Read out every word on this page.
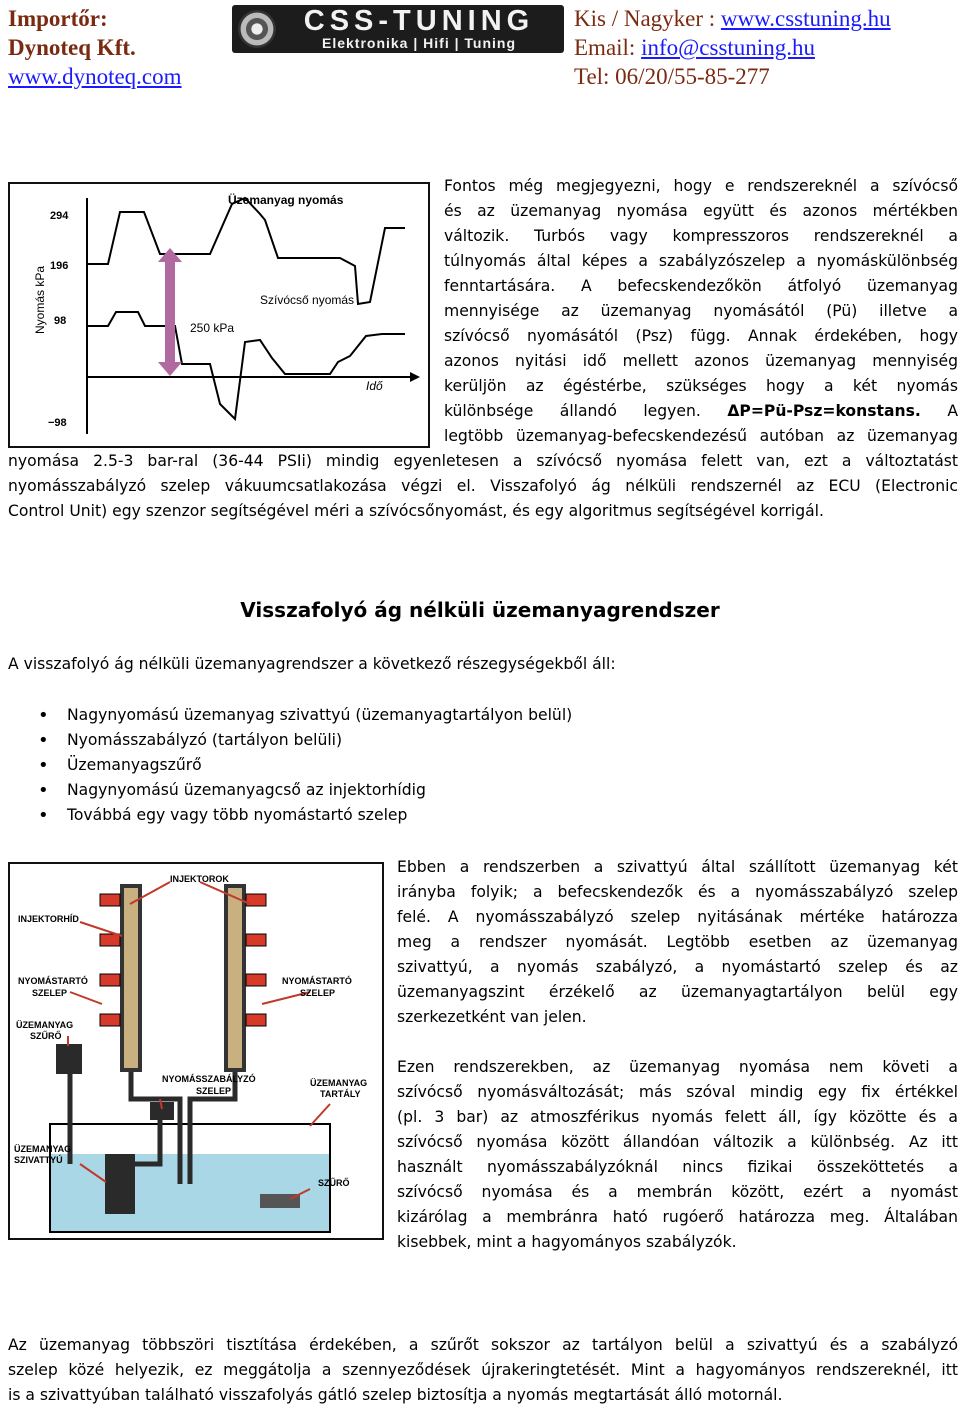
Importőr:
Dynoteq Kft.
www.dynoteq.com
CSS-TUNING
Elektronika | Hifi | Tuning
Kis / Nagyker : www.csstuning.hu
Email: info@csstuning.hu
Tel: 06/20/55-85-277
Üzemanyag nyomás
294
196
98
−98
Nyomás kPa	Szívócső nyomás
250 kPa
Idő
Fontos még megjegyezni, hogy e rendszereknél a szívócső
és az üzemanyag nyomása együtt és azonos mértékben
változik. Turbós vagy kompresszoros rendszereknél a
túlnyomás által képes a szabályzószelep a nyomáskülönbség
fenntartására. A befecskendezőkön átfolyó üzemanyag
mennyisége az üzemanyag nyomásától (Pü) illetve a
szívócső nyomásától (Psz) függ. Annak érdekében, hogy
azonos nyitási idő mellett azonos üzemanyag mennyiség
kerüljön az égéstérbe, szükséges hogy a két nyomás
különbsége állandó legyen. ΔP=Pü-Psz=konstans. A
legtöbb üzemanyag-befecskendezésű autóban az üzemanyag
nyomása 2.5-3 bar-ral (36-44 PSIi) mindig egyenletesen a szívócső nyomása felett van, ezt a változtatást
nyomásszabályzó szelep vákuumcsatlakozása végzi el. Visszafolyó ág nélküli rendszernél az ECU (Electronic
Control Unit) egy szenzor segítségével méri a szívócsőnyomást, és egy algoritmus segítségével korrigál.
Visszafolyó ág nélküli üzemanyagrendszer
A visszafolyó ág nélküli üzemanyagrendszer a következő részegységekből áll:
• Nagynyomású üzemanyag szivattyú (üzemanyagtartályon belül)
• Nyomásszabályzó (tartályon belüli)
• Üzemanyagszűrő
• Nagynyomású üzemanyagcső az injektorhídig
• Továbbá egy vagy több nyomástartó szelep
INJEKTOROK
INJEKTORHÍD
NYOMÁSTARTÓ
SZELEP
NYOMÁSTARTÓ
SZELEP
ÜZEMANYAG
SZŰRŐ
NYOMÁSSZABÁLYZÓ
SZELEP
ÜZEMANYAG
TARTÁLY
ÜZEMANYAG
SZIVATTYÚ
SZŰRŐ
Ebben a rendszerben a szivattyú által szállított üzemanyag két
irányba folyik; a befecskendezők és a nyomásszabályzó szelep
felé. A nyomásszabályzó szelep nyitásának mértéke határozza
meg a rendszer nyomását. Legtöbb esetben az üzemanyag
szivattyú, a nyomás szabályzó, a nyomástartó szelep és az
üzemanyagszint érzékelő az üzemanyagtartályon belül egy
szerkezetként van jelen.
Ezen rendszerekben, az üzemanyag nyomása nem követi a
szívócső nyomásváltozását; más szóval mindig egy fix értékkel
(pl. 3 bar) az atmoszférikus nyomás felett áll, így közötte és a
szívócső nyomása között állandóan változik a különbség. Az itt
használt nyomásszabályzóknál nincs fizikai összeköttetés a
szívócső nyomása és a membrán között, ezért a nyomást
kizárólag a membránra ható rugóerő határozza meg. Általában
kisebbek, mint a hagyományos szabályzók.
Az üzemanyag többszöri tisztítása érdekében, a szűrőt sokszor az tartályon belül a szivattyú és a szabályzó
szelep közé helyezik, ez meggátolja a szennyeződések újrakeringtetését. Mint a hagyományos rendszereknél, itt
is a szivattyúban található visszafolyás gátló szelep biztosítja a nyomás megtartását álló motornál.
